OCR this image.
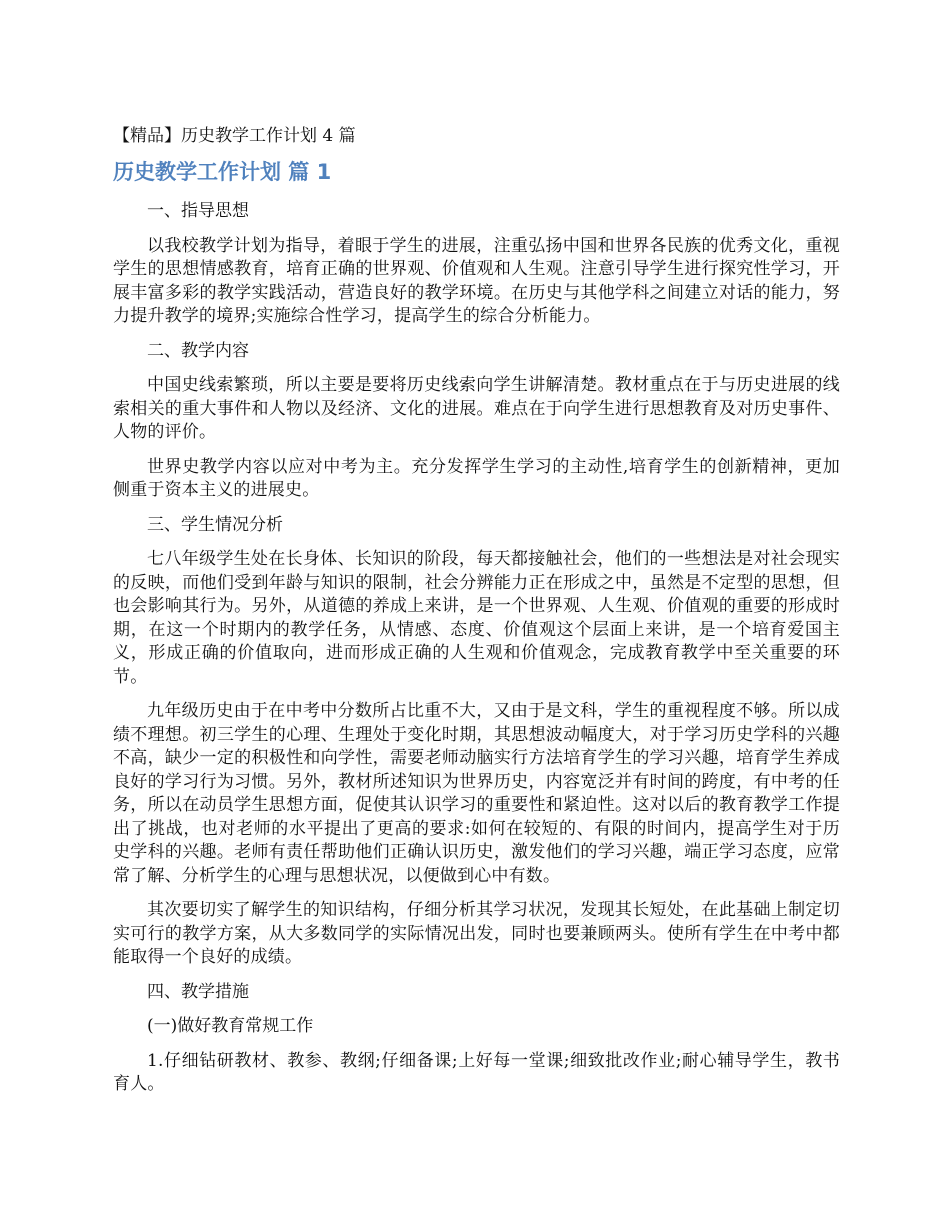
【精品】历史教学工作计划 4 篇
历史教学工作计划 篇 1
一、指导思想

以我校教学计划为指导，着眼于学生的进展，注重弘扬中国和世界各民族的优秀文化，重视学生的思想情感教育，培育正确的世界观、价值观和人生观。注意引导学生进行探究性学习，开展丰富多彩的教学实践活动，营造良好的教学环境。在历史与其他学科之间建立对话的能力，努力提升教学的境界;实施综合性学习，提高学生的综合分析能力。

二、教学内容

中国史线索繁琐，所以主要是要将历史线索向学生讲解清楚。教材重点在于与历史进展的线索相关的重大事件和人物以及经济、文化的进展。难点在于向学生进行思想教育及对历史事件、人物的评价。

世界史教学内容以应对中考为主。充分发挥学生学习的主动性,培育学生的创新精神，更加侧重于资本主义的进展史。

三、学生情况分析

七八年级学生处在长身体、长知识的阶段，每天都接触社会，他们的一些想法是对社会现实的反映，而他们受到年龄与知识的限制，社会分辨能力正在形成之中，虽然是不定型的思想，但也会影响其行为。另外，从道德的养成上来讲，是一个世界观、人生观、价值观的重要的形成时期，在这一个时期内的教学任务，从情感、态度、价值观这个层面上来讲，是一个培育爱国主义，形成正确的价值取向，进而形成正确的人生观和价值观念，完成教育教学中至关重要的环节。

九年级历史由于在中考中分数所占比重不大，又由于是文科，学生的重视程度不够。所以成绩不理想。初三学生的心理、生理处于变化时期，其思想波动幅度大，对于学习历史学科的兴趣不高，缺少一定的积极性和向学性，需要老师动脑实行方法培育学生的学习兴趣，培育学生养成良好的学习行为习惯。另外，教材所述知识为世界历史，内容宽泛并有时间的跨度，有中考的任务，所以在动员学生思想方面，促使其认识学习的重要性和紧迫性。这对以后的教育教学工作提出了挑战，也对老师的水平提出了更高的要求:如何在较短的、有限的时间内，提高学生对于历史学科的兴趣。老师有责任帮助他们正确认识历史，激发他们的学习兴趣，端正学习态度，应常常了解、分析学生的心理与思想状况，以便做到心中有数。

其次要切实了解学生的知识结构，仔细分析其学习状况，发现其长短处，在此基础上制定切实可行的教学方案，从大多数同学的实际情况出发，同时也要兼顾两头。使所有学生在中考中都能取得一个良好的成绩。

四、教学措施
(一)做好教育常规工作

1.仔细钻研教材、教参、教纲;仔细备课;上好每一堂课;细致批改作业;耐心辅导学生，教书育人。
